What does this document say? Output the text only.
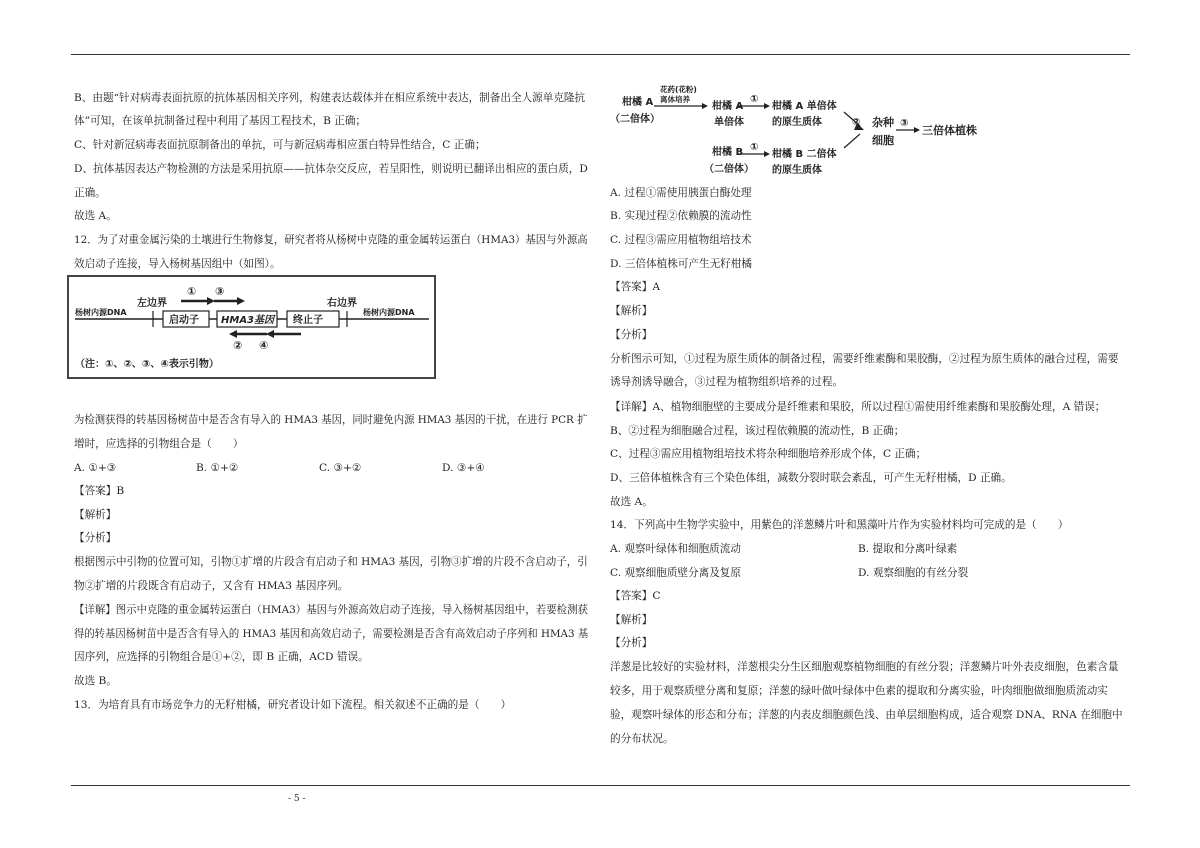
B、由题“针对病毒表面抗原的抗体基因相关序列，构建表达载体并在相应系统中表达，制备出全人源单克隆抗
体”可知，在该单抗制备过程中利用了基因工程技术，B 正确；
C、针对新冠病毒表面抗原制备出的单抗，可与新冠病毒相应蛋白特异性结合，C 正确；
D、抗体基因表达产物检测的方法是采用抗原——抗体杂交反应，若呈阳性，则说明已翻译出相应的蛋白质，D
正确。
故选 A。
12．为了对重金属污染的土壤进行生物修复，研究者将从杨树中克隆的重金属转运蛋白（HMA3）基因与外源高
效启动子连接，导入杨树基因组中（如图）。
杨树内源DNA	杨树内源DNA
左边界	右边界
启动子 HMA3基因 终止子
① ③
② ④
（注：①、②、③、④表示引物）
为检测获得的转基因杨树苗中是否含有导入的 HMA3 基因，同时避免内源 HMA3 基因的干扰，在进行 PCR 扩
增时，应选择的引物组合是（　　）
A. ①+③	B. ①+②	C. ③+②	D. ③+④
【答案】B
【解析】
【分析】
根据图示中引物的位置可知，引物①扩增的片段含有启动子和 HMA3 基因，引物③扩增的片段不含启动子，引
物②扩增的片段既含有启动子，又含有 HMA3 基因序列。
【详解】图示中克隆的重金属转运蛋白（HMA3）基因与外源高效启动子连接，导入杨树基因组中，若要检测获
得的转基因杨树苗中是否含有导入的 HMA3 基因和高效启动子，需要检测是否含有高效启动子序列和 HMA3 基
因序列，应选择的引物组合是①+②，即 B 正确，ACD 错误。
故选 B。
13．为培育具有市场竞争力的无籽柑橘，研究者设计如下流程。相关叙述不正确的是（　　）
柑橘 A
（二倍体）
花药(花粉)
离体培养
柑橘 A
单倍体
①
柑橘 A 单倍体
的原生质体
柑橘 B
（二倍体）
①
柑橘 B 二倍体
的原生质体
② 杂种
细胞
③
三倍体植株
A. 过程①需使用胰蛋白酶处理
B. 实现过程②依赖膜的流动性
C. 过程③需应用植物组培技术
D. 三倍体植株可产生无籽柑橘
【答案】A
【解析】
【分析】
分析图示可知，①过程为原生质体的制备过程，需要纤维素酶和果胶酶，②过程为原生质体的融合过程，需要
诱导剂诱导融合，③过程为植物组织培养的过程。
【详解】A、植物细胞壁的主要成分是纤维素和果胶，所以过程①需使用纤维素酶和果胶酶处理，A 错误；
B、②过程为细胞融合过程，该过程依赖膜的流动性，B 正确；
C、过程③需应用植物组培技术将杂种细胞培养形成个体，C 正确；
D、三倍体植株含有三个染色体组，减数分裂时联会紊乱，可产生无籽柑橘，D 正确。
故选 A。
14．下列高中生物学实验中，用紫色的洋葱鳞片叶和黑藻叶片作为实验材料均可完成的是（　　）
A. 观察叶绿体和细胞质流动	B. 提取和分离叶绿素
C. 观察细胞质壁分离及复原	D. 观察细胞的有丝分裂
【答案】C
【解析】
【分析】
洋葱是比较好的实验材料，洋葱根尖分生区细胞观察植物细胞的有丝分裂；洋葱鳞片叶外表皮细胞，色素含量
较多，用于观察质壁分离和复原；洋葱的绿叶做叶绿体中色素的提取和分离实验，叶肉细胞做细胞质流动实
验，观察叶绿体的形态和分布；洋葱的内表皮细胞颜色浅、由单层细胞构成，适合观察 DNA、RNA 在细胞中
的分布状况。
- 5 -
